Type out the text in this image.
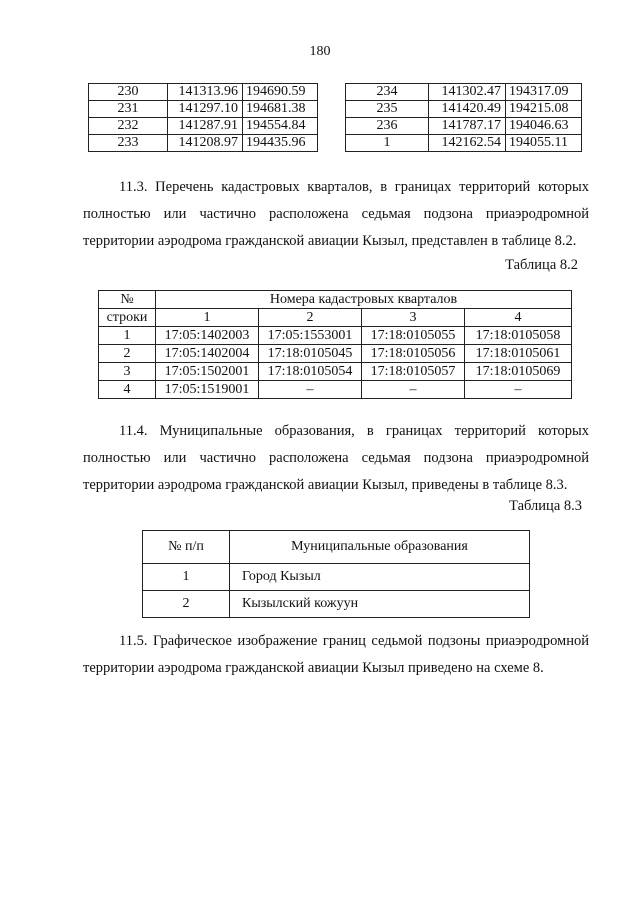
180
230	141313.96	194690.59
231	141297.10	194681.38
232	141287.91	194554.84
233	141208.97	194435.96
234	141302.47	194317.09
235	141420.49	194215.08
236	141787.17	194046.63
1	142162.54	194055.11
11.3. Перечень кадастровых кварталов, в границах территорий которых
полностью или частично расположена седьмая подзона приаэродромной
территории аэродрома гражданской авиации Кызыл, представлен в таблице 8.2.
Таблица 8.2
№	Номера кадастровых кварталов			
строки	1	2	3	4
1	17:05:1402003	17:05:1553001	17:18:0105055	17:18:0105058
2	17:05:1402004	17:18:0105045	17:18:0105056	17:18:0105061
3	17:05:1502001	17:18:0105054	17:18:0105057	17:18:0105069
4	17:05:1519001	–	–	–
11.4. Муниципальные образования, в границах территорий которых
полностью или частично расположена седьмая подзона приаэродромной
территории аэродрома гражданской авиации Кызыл, приведены в таблице 8.3.
Таблица 8.3
№ п/п	Муниципальные образования
1	Город Кызыл
2	Кызылский кожуун
11.5. Графическое изображение границ седьмой подзоны приаэродромной
территории аэродрома гражданской авиации Кызыл приведено на схеме 8.
